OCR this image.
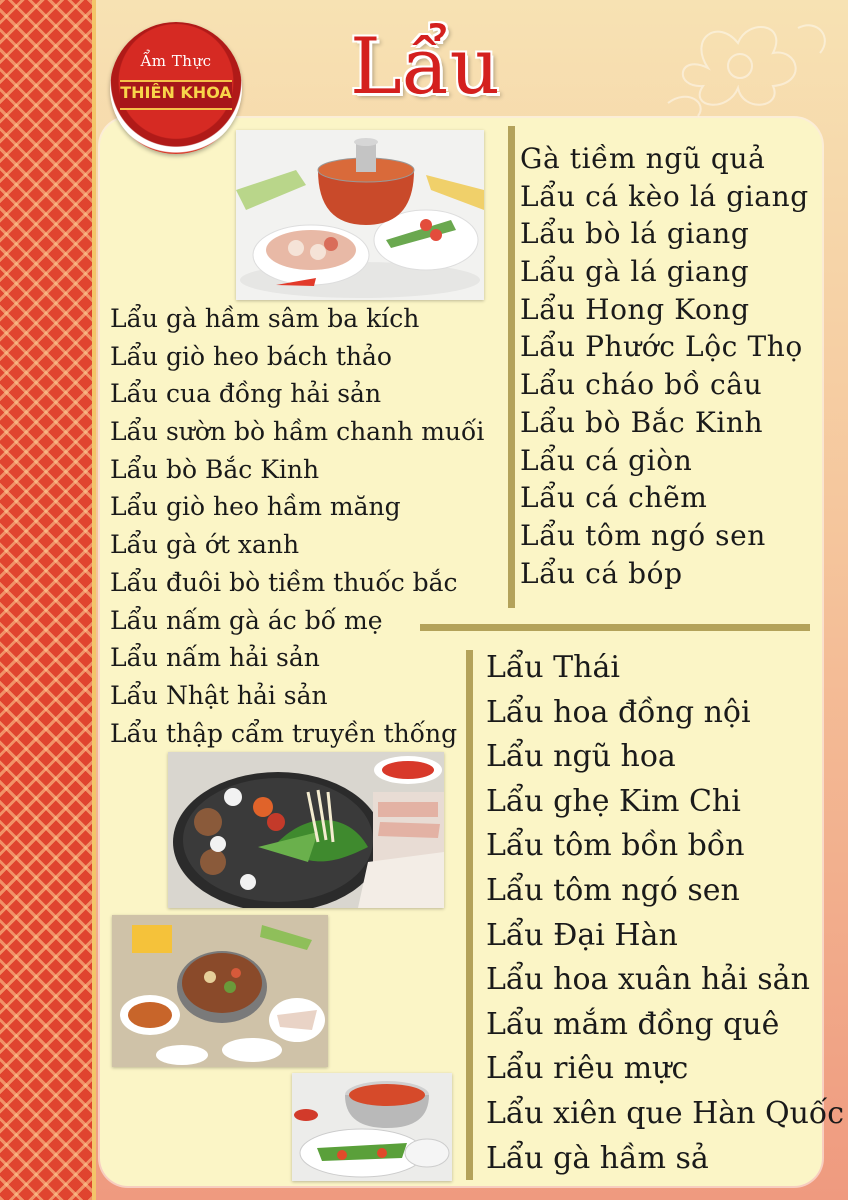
Ẩm Thực
THIÊN KHOA Lẩu
Gà tiềm ngũ quả
Lẩu cá kèo lá giang
Lẩu bò lá giang
Lẩu gà lá giang
Lẩu Hong Kong
Lẩu Phước Lộc Thọ
Lẩu cháo bồ câu
Lẩu bò Bắc Kinh
Lẩu cá giòn
Lẩu cá chẽm
Lẩu tôm ngó sen
Lẩu cá bóp
Lẩu gà hầm sâm ba kích
Lẩu giò heo bách thảo
Lẩu cua đồng hải sản
Lẩu sườn bò hầm chanh muối
Lẩu bò Bắc Kinh
Lẩu giò heo hầm măng
Lẩu gà ớt xanh
Lẩu đuôi bò tiềm thuốc bắc
Lẩu nấm gà ác bố mẹ
Lẩu nấm hải sản
Lẩu Nhật hải sản
Lẩu thập cẩm truyền thống
Lẩu Thái
Lẩu hoa đồng nội
Lẩu ngũ hoa
Lẩu ghẹ Kim Chi
Lẩu tôm bồn bồn
Lẩu tôm ngó sen
Lẩu Đại Hàn
Lẩu hoa xuân hải sản
Lẩu mắm đồng quê
Lẩu riêu mực
Lẩu xiên que Hàn Quốc
Lẩu gà hầm sả
